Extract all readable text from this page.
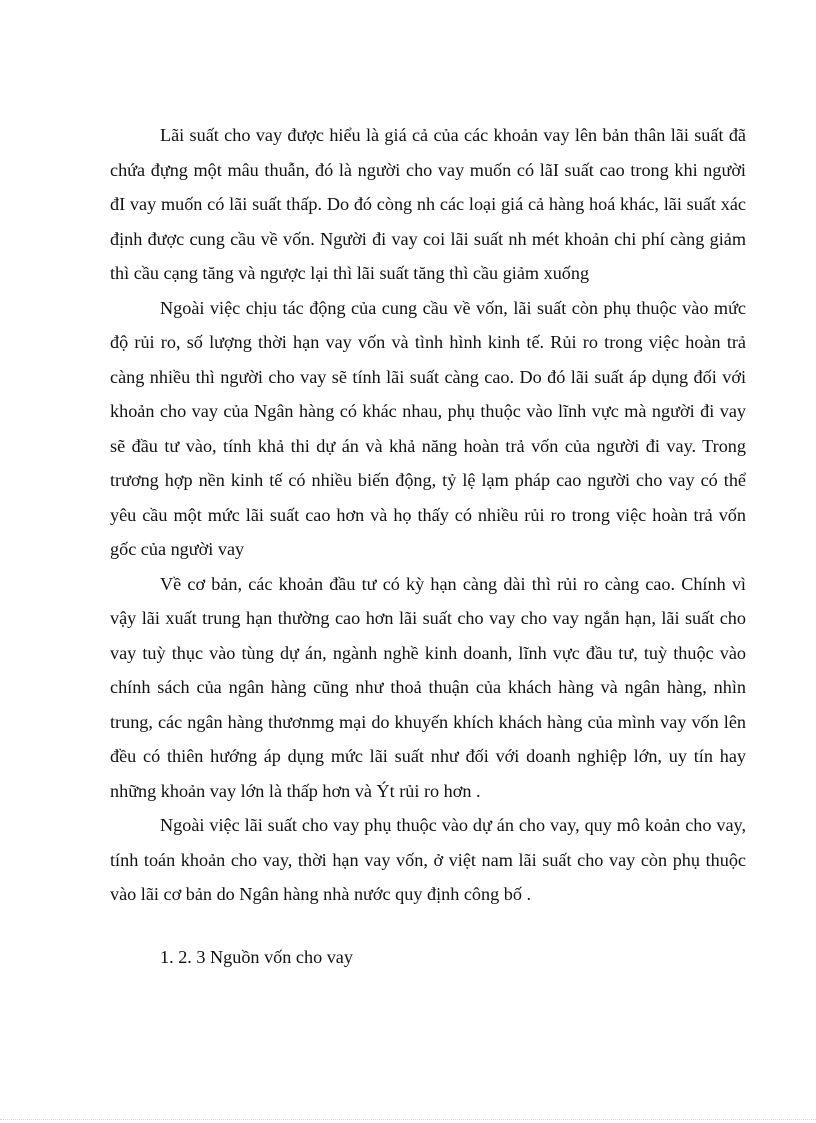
Lãi suất cho vay được hiểu là giá cả của các khoản vay lên bản thân lãi suất đã chứa đựng một mâu thuẫn, đó là người cho vay muốn có lãI suất cao trong khi người đI vay muốn có lãi suất thấp. Do đó còng nh các loại giá cả hàng hoá khác, lãi suất xác định được cung cầu về vốn. Người đi vay coi lãi suất nh mét khoản chi phí càng giảm thì cầu cạng tăng và ngược lại thì lãi suất tăng thì cầu giảm xuống

Ngoài việc chịu tác động của cung cầu về vốn, lãi suất còn phụ thuộc vào mức độ rủi ro, số lượng thời hạn vay vốn và tình hình kinh tế. Rủi ro trong việc hoàn trả càng nhiều thì người cho vay sẽ tính lãi suất càng cao. Do đó lãi suất áp dụng đối với khoản cho vay của Ngân hàng có khác nhau, phụ thuộc vào lĩnh vực mà người đi vay sẽ đầu tư vào, tính khả thi dự án và khả năng hoàn trả vốn của người đi vay. Trong trương hợp nền kinh tế có nhiều biến động, tỷ lệ lạm pháp cao người cho vay có thể yêu cầu một mức lãi suất cao hơn và họ thấy có nhiều rủi ro trong việc hoàn trả vốn gốc của người vay

Về cơ bản, các khoản đầu tư có kỳ hạn càng dài thì rủi ro càng cao. Chính vì vậy lãi xuất trung hạn thường cao hơn lãi suất cho vay cho vay ngắn hạn, lãi suất cho vay tuỳ thục vào tùng dự án, ngành nghề kinh doanh, lĩnh vực đầu tư, tuỳ thuộc vào chính sách của ngân hàng cũng như thoả thuận của khách hàng và ngân hàng, nhìn trung, các ngân hàng thươnmg mại do khuyến khích khách hàng của mình vay vốn lên đều có thiên hướng áp dụng mức lãi suất như đối với doanh nghiệp lớn, uy tín hay những khoản vay lớn là thấp hơn và Ýt rủi ro hơn .

Ngoài việc lãi suất cho vay phụ thuộc vào dự án cho vay, quy mô koản cho vay, tính toán khoản cho vay, thời hạn vay vốn, ở việt nam lãi suất cho vay còn phụ thuộc vào lãi cơ bản do Ngân hàng nhà nước quy định công bố .

1. 2. 3 Nguồn vốn cho vay
